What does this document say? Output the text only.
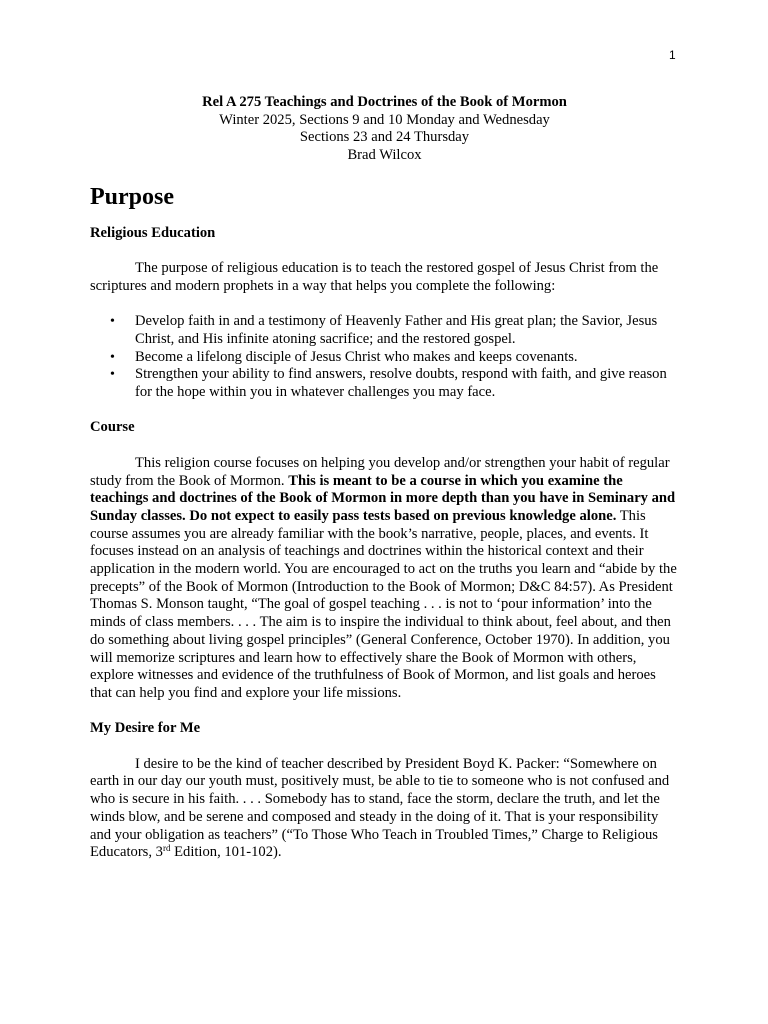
1
Rel A 275 Teachings and Doctrines of the Book of Mormon
Winter 2025, Sections 9 and 10 Monday and Wednesday
Sections 23 and 24 Thursday
Brad Wilcox
Purpose
Religious Education

The purpose of religious education is to teach the restored gospel of Jesus Christ from the scriptures and modern prophets in a way that helps you complete the following:

• Develop faith in and a testimony of Heavenly Father and His great plan; the Savior, Jesus Christ, and His infinite atoning sacrifice; and the restored gospel.
• Become a lifelong disciple of Jesus Christ who makes and keeps covenants.
• Strengthen your ability to find answers, resolve doubts, respond with faith, and give reason for the hope within you in whatever challenges you may face.
Course

This religion course focuses on helping you develop and/or strengthen your habit of regular study from the Book of Mormon. This is meant to be a course in which you examine the teachings and doctrines of the Book of Mormon in more depth than you have in Seminary and Sunday classes. Do not expect to easily pass tests based on previous knowledge alone. This course assumes you are already familiar with the book’s narrative, people, places, and events. It focuses instead on an analysis of teachings and doctrines within the historical context and their application in the modern world. You are encouraged to act on the truths you learn and “abide by the precepts” of the Book of Mormon (Introduction to the Book of Mormon; D&C 84:57). As President Thomas S. Monson taught, “The goal of gospel teaching . . . is not to ‘pour information’ into the minds of class members. . . . The aim is to inspire the individual to think about, feel about, and then do something about living gospel principles” (General Conference, October 1970). In addition, you will memorize scriptures and learn how to effectively share the Book of Mormon with others, explore witnesses and evidence of the truthfulness of Book of Mormon, and list goals and heroes that can help you find and explore your life missions.

My Desire for Me

I desire to be the kind of teacher described by President Boyd K. Packer: “Somewhere on earth in our day our youth must, positively must, be able to tie to someone who is not confused and who is secure in his faith. . . . Somebody has to stand, face the storm, declare the truth, and let the winds blow, and be serene and composed and steady in the doing of it. That is your responsibility and your obligation as teachers” (“To Those Who Teach in Troubled Times,” Charge to Religious Educators, 3rd Edition, 101-102).
